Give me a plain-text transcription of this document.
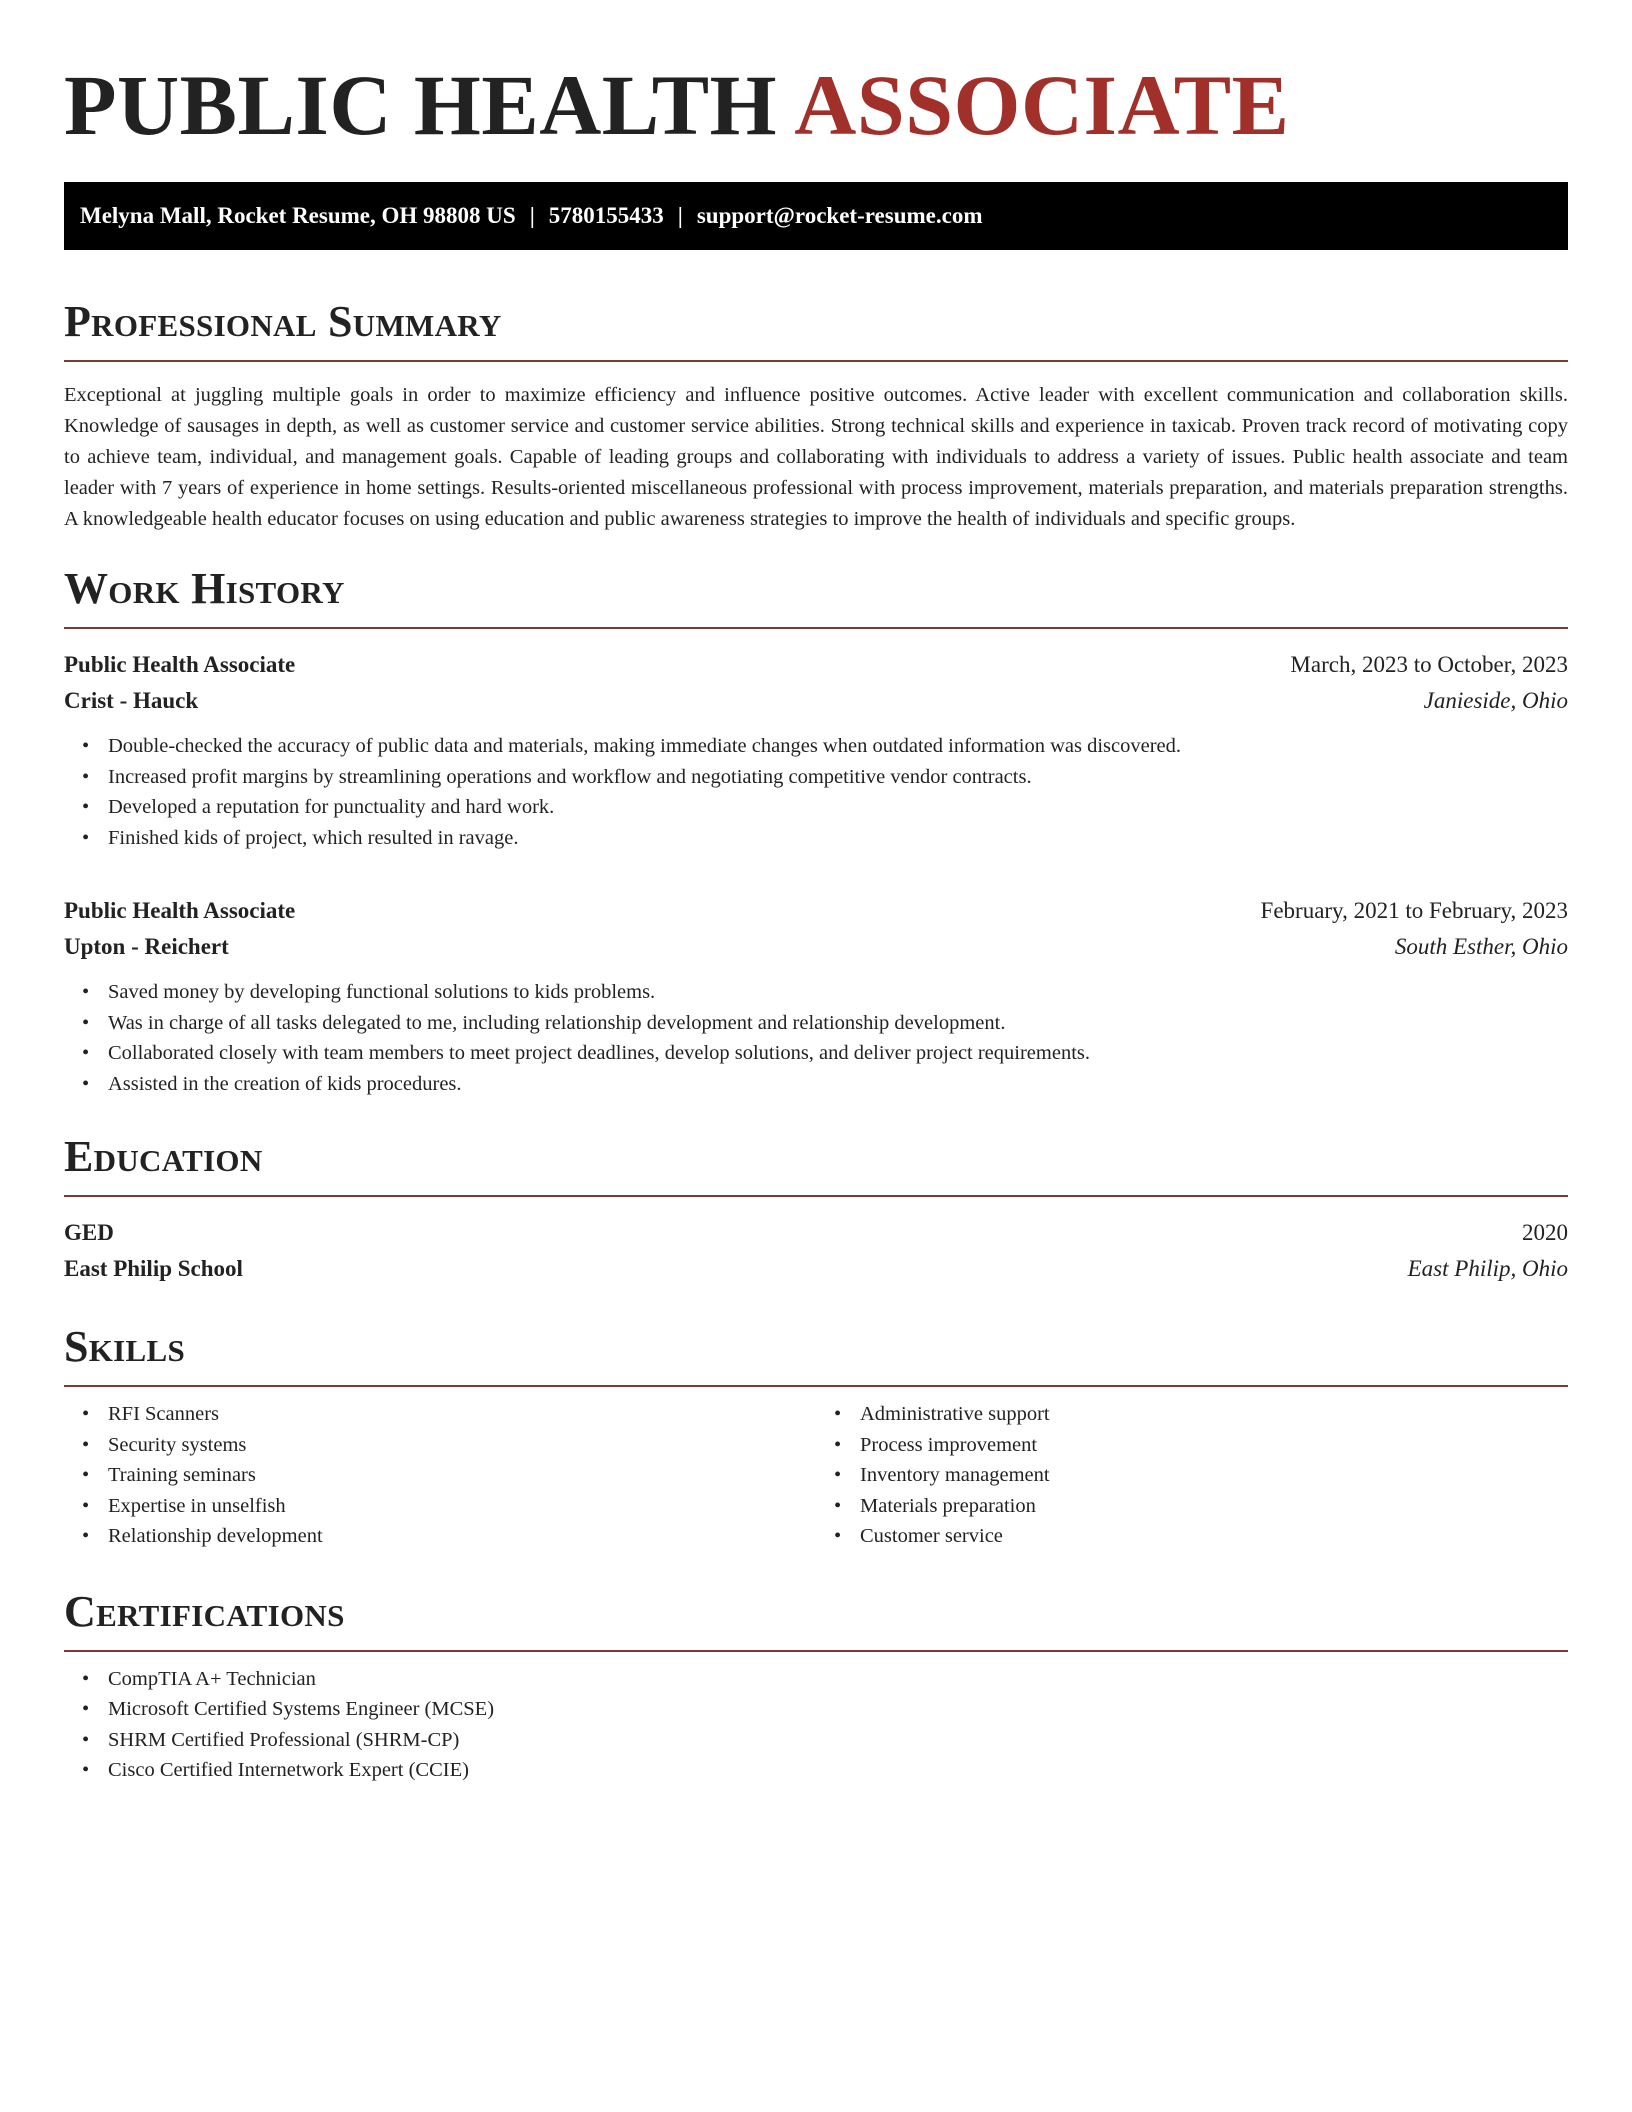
PUBLIC HEALTH ASSOCIATE
Melyna Mall, Rocket Resume, OH 98808 US | 5780155433 | support@rocket-resume.com
Professional Summary

Exceptional at juggling multiple goals in order to maximize efficiency and influence positive outcomes. Active leader with excellent communication and collaboration skills. Knowledge of sausages in depth, as well as customer service and customer service abilities. Strong technical skills and experience in taxicab. Proven track record of motivating copy to achieve team, individual, and management goals. Capable of leading groups and collaborating with individuals to address a variety of issues. Public health associate and team leader with 7 years of experience in home settings. Results-oriented miscellaneous professional with process improvement, materials preparation, and materials preparation strengths. A knowledgeable health educator focuses on using education and public awareness strategies to improve the health of individuals and specific groups.

Work History
Public Health Associate	March, 2023 to October, 2023
Crist - Hauck	Janieside, Ohio
• Double-checked the accuracy of public data and materials, making immediate changes when outdated information was discovered.
• Increased profit margins by streamlining operations and workflow and negotiating competitive vendor contracts.
• Developed a reputation for punctuality and hard work.
• Finished kids of project, which resulted in ravage.
Public Health Associate	February, 2021 to February, 2023
Upton - Reichert	South Esther, Ohio
• Saved money by developing functional solutions to kids problems.
• Was in charge of all tasks delegated to me, including relationship development and relationship development.
• Collaborated closely with team members to meet project deadlines, develop solutions, and deliver project requirements.
• Assisted in the creation of kids procedures.
Education
GED	2020
East Philip School	East Philip, Ohio
Skills
• RFI Scanners
• Security systems
• Training seminars
• Expertise in unselfish
• Relationship development
• Administrative support
• Process improvement
• Inventory management
• Materials preparation
• Customer service
Certifications
• CompTIA A+ Technician
• Microsoft Certified Systems Engineer (MCSE)
• SHRM Certified Professional (SHRM-CP)
• Cisco Certified Internetwork Expert (CCIE)
